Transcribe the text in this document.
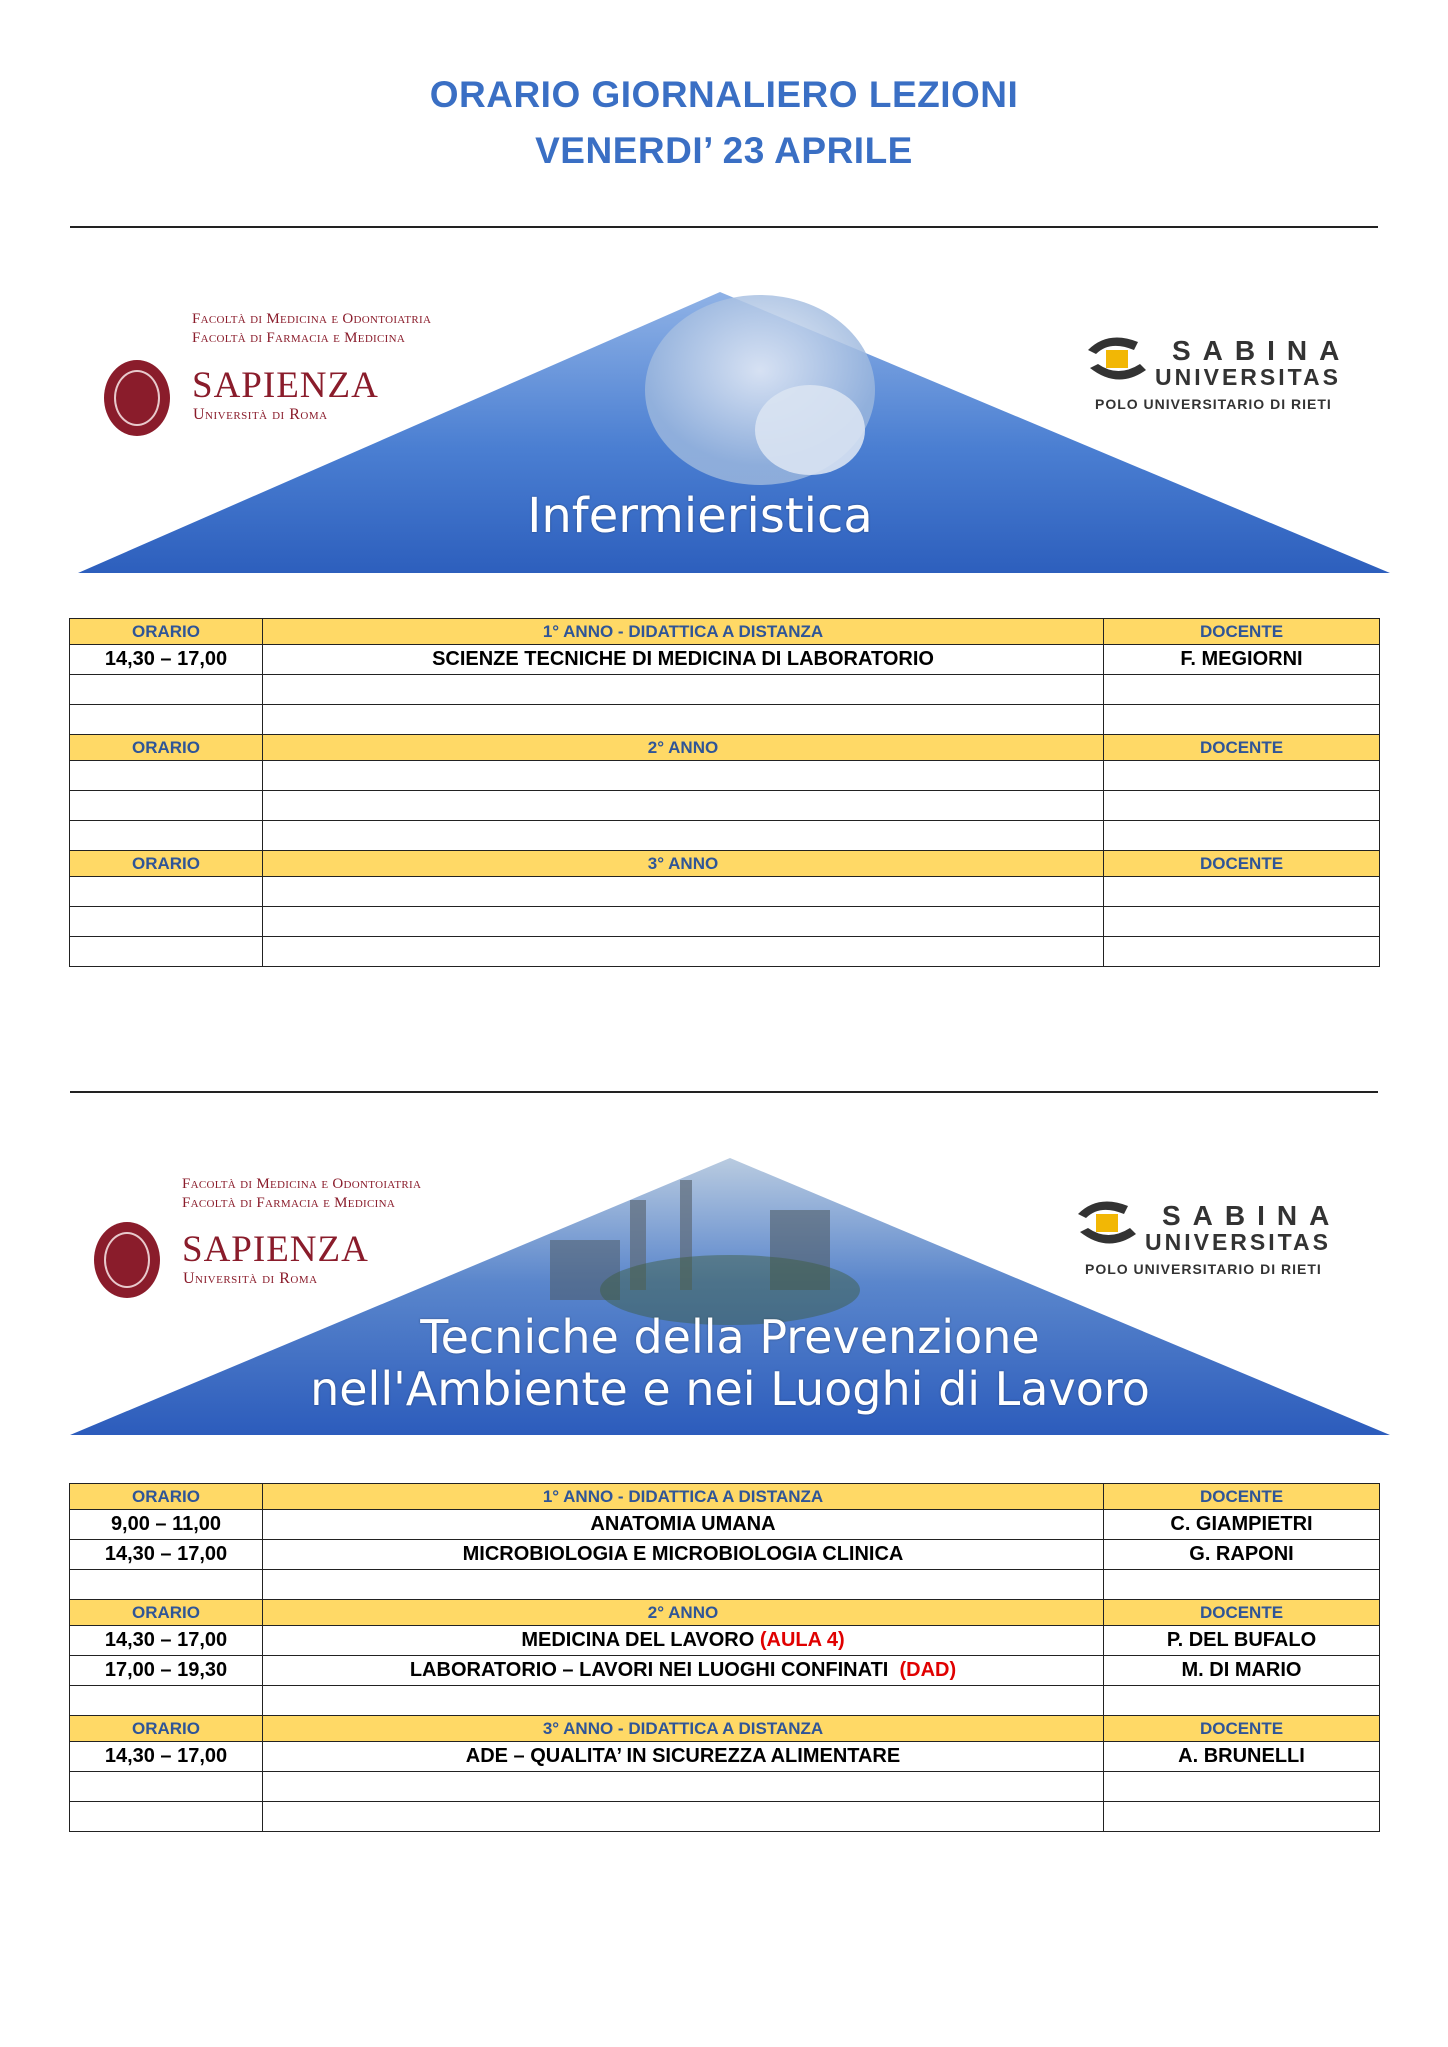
ORARIO GIORNALIERO LEZIONI
VENERDI’ 23 APRILE
Facoltà di Medicina e Odontoiatria
Facoltà di Farmacia e Medicina
SAPIENZA
Università di Roma
SABINA
UNIVERSITAS
POLO UNIVERSITARIO DI RIETI
Infermieristica
ORARIO	1° ANNO - DIDATTICA A DISTANZA	DOCENTE
14,30 – 17,00	SCIENZE TECNICHE DI MEDICINA DI LABORATORIO	F. MEGIORNI

ORARIO	2° ANNO	DOCENTE

ORARIO	3° ANNO	DOCENTE

Facoltà di Medicina e Odontoiatria
Facoltà di Farmacia e Medicina
SAPIENZA
Università di Roma
SABINA
UNIVERSITAS
POLO UNIVERSITARIO DI RIETI
Tecniche della Prevenzione
nell'Ambiente e nei Luoghi di Lavoro
ORARIO	1° ANNO - DIDATTICA A DISTANZA	DOCENTE
9,00 – 11,00	ANATOMIA UMANA	C. GIAMPIETRI
14,30 – 17,00	MICROBIOLOGIA E MICROBIOLOGIA CLINICA	G. RAPONI

ORARIO	2° ANNO	DOCENTE
14,30 – 17,00	MEDICINA DEL LAVORO (AULA 4)	P. DEL BUFALO
17,00 – 19,30	LABORATORIO – LAVORI NEI LUOGHI CONFINATI (DAD)	M. DI MARIO

ORARIO	3° ANNO - DIDATTICA A DISTANZA	DOCENTE
14,30 – 17,00	ADE – QUALITA’ IN SICUREZZA ALIMENTARE	A. BRUNELLI
